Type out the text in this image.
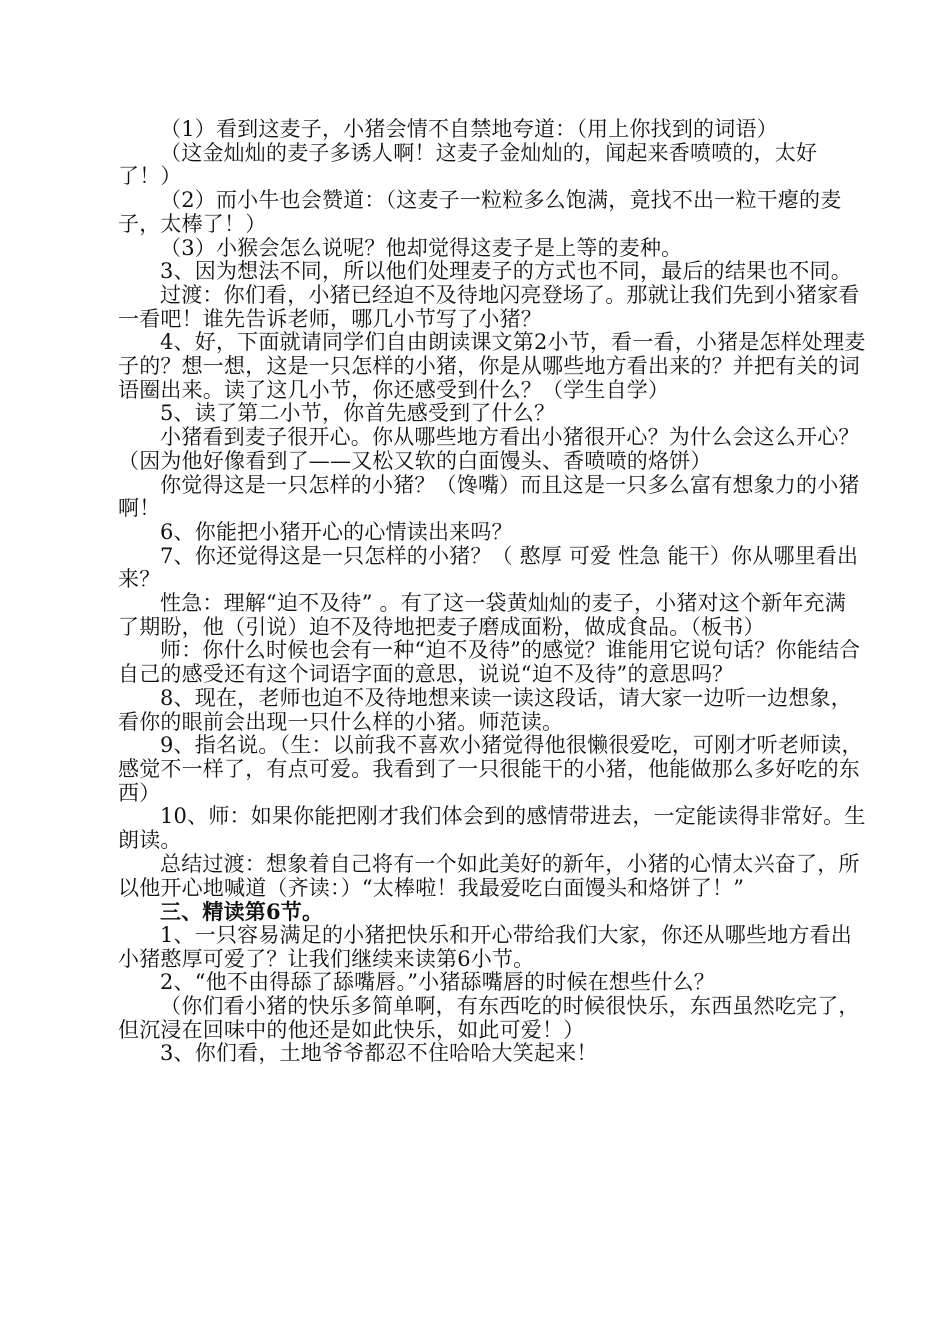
（1）看到这麦子，小猪会情不自禁地夸道：（用上你找到的词语）

（这金灿灿的麦子多诱人啊！这麦子金灿灿的，闻起来香喷喷的，太好了！）

（2）而小牛也会赞道：（这麦子一粒粒多么饱满，竟找不出一粒干瘪的麦子，太棒了！）

（3）小猴会怎么说呢？他却觉得这麦子是上等的麦种。

3、因为想法不同，所以他们处理麦子的方式也不同，最后的结果也不同。

过渡：你们看，小猪已经迫不及待地闪亮登场了。那就让我们先到小猪家看一看吧！谁先告诉老师，哪几小节写了小猪？

4、好，下面就请同学们自由朗读课文第2小节，看一看，小猪是怎样处理麦子的？想一想，这是一只怎样的小猪，你是从哪些地方看出来的？并把有关的词语圈出来。读了这几小节，你还感受到什么？（学生自学）

5、读了第二小节，你首先感受到了什么？

小猪看到麦子很开心。你从哪些地方看出小猪很开心？为什么会这么开心？（因为他好像看到了——又松又软的白面馒头、香喷喷的烙饼）

你觉得这是一只怎样的小猪？（馋嘴）而且这是一只多么富有想象力的小猪啊！

6、你能把小猪开心的心情读出来吗？

7、你还觉得这是一只怎样的小猪？（ 憨厚 可爱 性急 能干）你从哪里看出来？

性急：理解“迫不及待” 。有了这一袋黄灿灿的麦子，小猪对这个新年充满了期盼，他（引说）迫不及待地把麦子磨成面粉，做成食品。（板书）

师：你什么时候也会有一种“迫不及待”的感觉？谁能用它说句话？你能结合自己的感受还有这个词语字面的意思，说说“迫不及待”的意思吗？

8、现在，老师也迫不及待地想来读一读这段话，请大家一边听一边想象，看你的眼前会出现一只什么样的小猪。师范读。

9、指名说。（生：以前我不喜欢小猪觉得他很懒很爱吃，可刚才听老师读，感觉不一样了，有点可爱。我看到了一只很能干的小猪，他能做那么多好吃的东西）

10、师：如果你能把刚才我们体会到的感情带进去，一定能读得非常好。生朗读。

总结过渡：想象着自己将有一个如此美好的新年，小猪的心情太兴奋了，所以他开心地喊道（齐读：）“太棒啦！我最爱吃白面馒头和烙饼了！”

三、精读第6节。

1、一只容易满足的小猪把快乐和开心带给我们大家，你还从哪些地方看出小猪憨厚可爱了？让我们继续来读第6小节。

2、“他不由得舔了舔嘴唇。”小猪舔嘴唇的时候在想些什么？

（你们看小猪的快乐多简单啊，有东西吃的时候很快乐，东西虽然吃完了，但沉浸在回味中的他还是如此快乐，如此可爱！）

3、你们看，土地爷爷都忍不住哈哈大笑起来！
